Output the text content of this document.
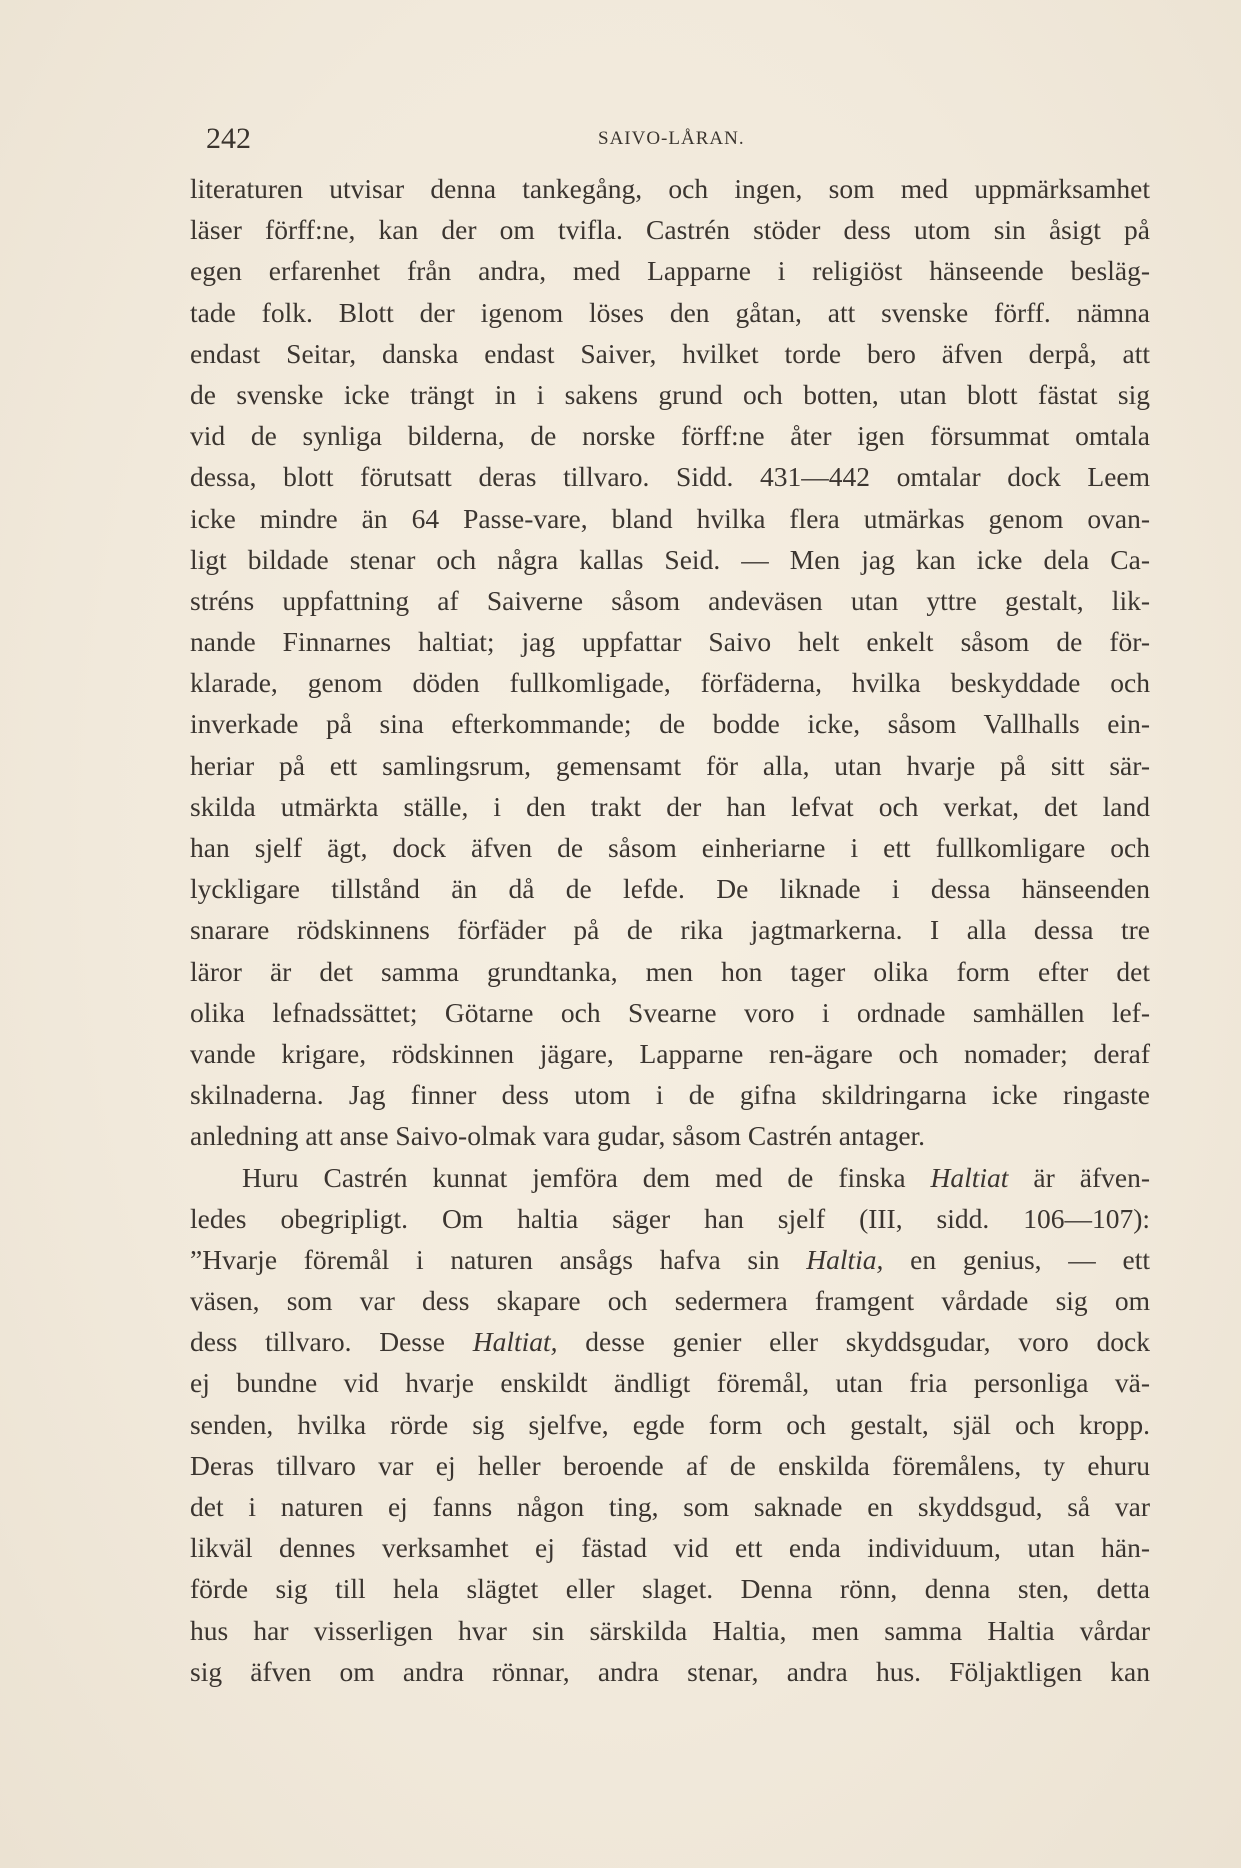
242	SAIVO-LÅRAN.
literaturen utvisar denna tankegång, och ingen, som med uppmärksamhet
läser förff:ne, kan der om tvifla. Castrén stöder dess utom sin åsigt på
egen erfarenhet från andra, med Lapparne i religiöst hänseende besläg-
tade folk. Blott der igenom löses den gåtan, att svenske förff. nämna
endast Seitar, danska endast Saiver, hvilket torde bero äfven derpå, att
de svenske icke trängt in i sakens grund och botten, utan blott fästat sig
vid de synliga bilderna, de norske förff:ne åter igen försummat omtala
dessa, blott förutsatt deras tillvaro. Sidd. 431—442 omtalar dock Leem
icke mindre än 64 Passe-vare, bland hvilka flera utmärkas genom ovan-
ligt bildade stenar och några kallas Seid. — Men jag kan icke dela Ca-
stréns uppfattning af Saiverne såsom andeväsen utan yttre gestalt, lik-
nande Finnarnes haltiat; jag uppfattar Saivo helt enkelt såsom de för-
klarade, genom döden fullkomligade, förfäderna, hvilka beskyddade och
inverkade på sina efterkommande; de bodde icke, såsom Vallhalls ein-
heriar på ett samlingsrum, gemensamt för alla, utan hvarje på sitt sär-
skilda utmärkta ställe, i den trakt der han lefvat och verkat, det land
han sjelf ägt, dock äfven de såsom einheriarne i ett fullkomligare och
lyckligare tillstånd än då de lefde. De liknade i dessa hänseenden
snarare rödskinnens förfäder på de rika jagtmarkerna. I alla dessa tre
läror är det samma grundtanka, men hon tager olika form efter det
olika lefnadssättet; Götarne och Svearne voro i ordnade samhällen lef-
vande krigare, rödskinnen jägare, Lapparne ren-ägare och nomader; deraf
skilnaderna. Jag finner dess utom i de gifna skildringarna icke ringaste
anledning att anse Saivo-olmak vara gudar, såsom Castrén antager.
Huru Castrén kunnat jemföra dem med de finska Haltiat är äfven-
ledes obegripligt. Om haltia säger han sjelf (III, sidd. 106—107):
”Hvarje föremål i naturen ansågs hafva sin Haltia, en genius, — ett
väsen, som var dess skapare och sedermera framgent vårdade sig om
dess tillvaro. Desse Haltiat, desse genier eller skyddsgudar, voro dock
ej bundne vid hvarje enskildt ändligt föremål, utan fria personliga vä-
senden, hvilka rörde sig sjelfve, egde form och gestalt, själ och kropp.
Deras tillvaro var ej heller beroende af de enskilda föremålens, ty ehuru
det i naturen ej fanns någon ting, som saknade en skyddsgud, så var
likväl dennes verksamhet ej fästad vid ett enda individuum, utan hän-
förde sig till hela slägtet eller slaget. Denna rönn, denna sten, detta
hus har visserligen hvar sin särskilda Haltia, men samma Haltia vårdar
sig äfven om andra rönnar, andra stenar, andra hus. Följaktligen kan
